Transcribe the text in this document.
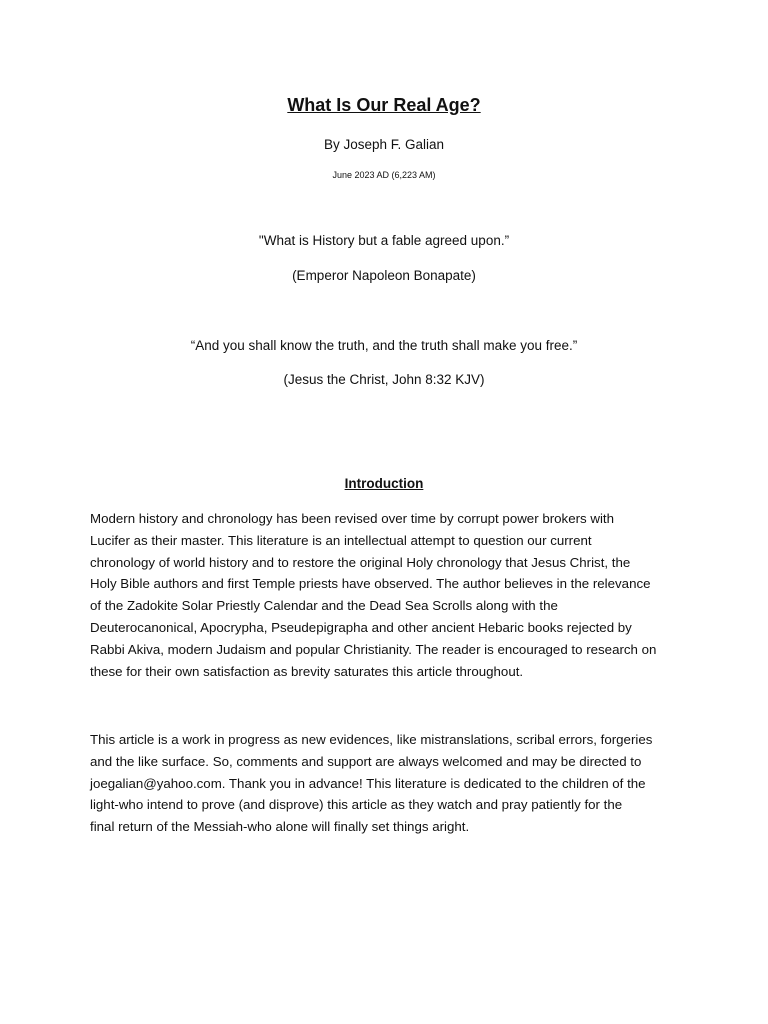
What Is Our Real Age?
By Joseph F. Galian
June 2023 AD (6,223 AM)
"What is History but a fable agreed upon.”
(Emperor Napoleon Bonapate)
“And you shall know the truth, and the truth shall make you free.”
(Jesus the Christ, John 8:32 KJV)
Introduction
Modern history and chronology has been revised over time by corrupt power brokers with
Lucifer as their master. This literature is an intellectual attempt to question our current
chronology of world history and to restore the original Holy chronology that Jesus Christ, the
Holy Bible authors and first Temple priests have observed. The author believes in the relevance
of the Zadokite Solar Priestly Calendar and the Dead Sea Scrolls along with the
Deuterocanonical, Apocrypha, Pseudepigrapha and other ancient Hebaric books rejected by
Rabbi Akiva, modern Judaism and popular Christianity. The reader is encouraged to research on
these for their own satisfaction as brevity saturates this article throughout.
This article is a work in progress as new evidences, like mistranslations, scribal errors, forgeries
and the like surface. So, comments and support are always welcomed and may be directed to
joegalian@yahoo.com. Thank you in advance! This literature is dedicated to the children of the
light-who intend to prove (and disprove) this article as they watch and pray patiently for the
final return of the Messiah-who alone will finally set things aright.
